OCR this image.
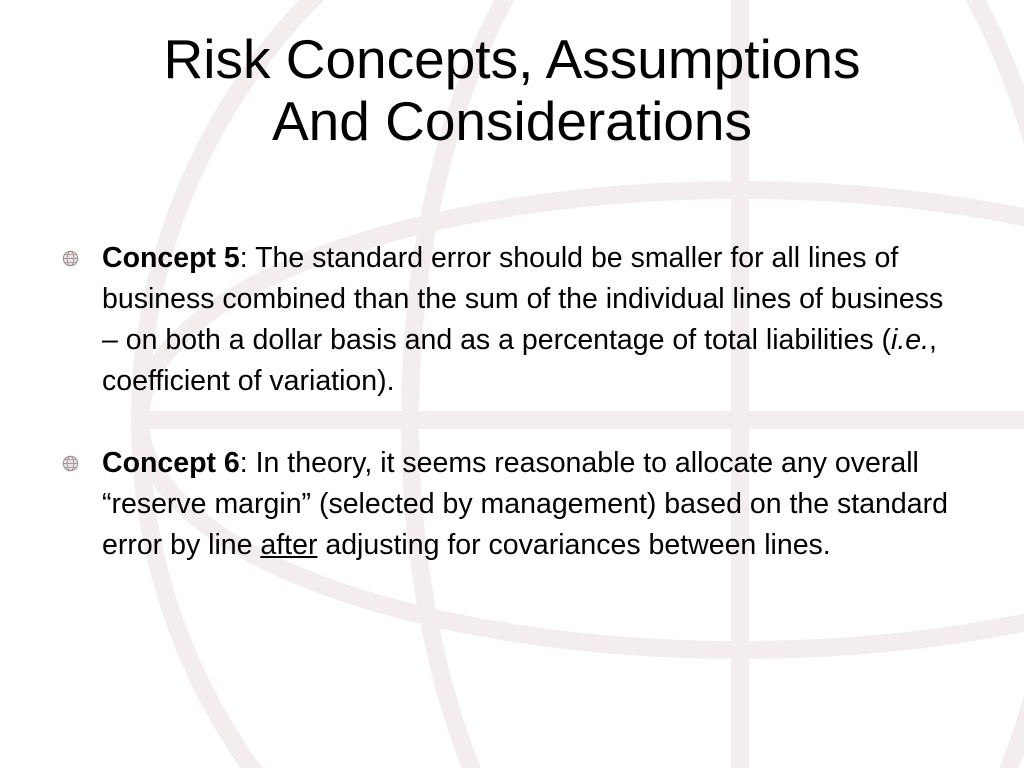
Risk Concepts, Assumptions
And Considerations
Concept 5: The standard error should be smaller for all lines of business combined than the sum of the individual lines of business – on both a dollar basis and as a percentage of total liabilities (i.e., coefficient of variation).
Concept 6: In theory, it seems reasonable to allocate any overall “reserve margin” (selected by management) based on the standard error by line after adjusting for covariances between lines.
